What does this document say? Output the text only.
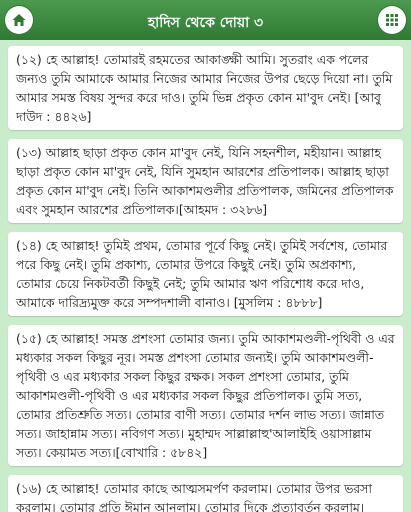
হাদিস থেকে দোয়া ৩
(১২) হে আল্লাহ! তোমারই রহমতের আকাঙ্ক্ষী আমি। সুতরাং এক পলের জন্যও তুমি আমাকে আমার নিজের আমার নিজের উপর ছেড়ে দিয়ো না। তুমি আমার সমস্ত বিষয় সুন্দর করে দাও। তুমি ভিন্ন প্রকৃত কোন মা'বুদ নেই। [আবু দাউদ : ৪৪২৬]
(১৩) আল্লাহ ছাড়া প্রকৃত কোন মা'বুদ নেই, যিনি সহনশীল, মহীয়ান। আল্লাহ ছাড়া প্রকৃত কোন মা'বুদ নেই, যিনি সুমহান আরশের প্রতিপালক। আল্লাহ ছাড়া প্রকৃত কোন মা'বুদ নেই। তিনি আকাশমণ্ডলীর প্রতিপালক, জমিনের প্রতিপালক এবং সুমহান আরশের প্রতিপালক।[আহমদ : ৩২৮৬]
(১৪) হে আল্লাহ! তুমিই প্রথম, তোমার পূর্বে কিছু নেই। তুমিই সর্বশেষ, তোমার পরে কিছু নেই। তুমি প্রকাশ্য, তোমার উপরে কিছুই নেই। তুমি অপ্রকাশ্য, তোমার চেয়ে নিকটবর্তী কিছুই নেই; তুমি আমার ঋণ পরিশোধ করে দাও, আমাকে দারিদ্র্যমুক্ত করে সম্পদশালী বানাও। [মুসলিম : ৪৮৮৮]
(১৫) হে আল্লাহ! সমস্ত প্রশংসা তোমার জন্য। তুমি আকাশমণ্ডলী-পৃথিবী ও এর মধ্যকার সকল কিছুর নূর। সমস্ত প্রশংসা তোমার জন্যই। তুমি আকাশমণ্ডলী-পৃথিবী ও এর মধ্যকার সকল কিছুর রক্ষক। সকল প্রশংসা তোমার, তুমি আকাশমণ্ডলী-পৃথিবী ও এর মধ্যকার সকল কিছুর প্রতিপালক। তুমি সত্য, তোমার প্রতিশ্রুতি সত্য। তোমার বাণী সত্য। তোমার দর্শন লাভ সত্য। জান্নাত সত্য। জাহান্নাম সত্য। নবিগণ সত্য। মুহাম্মদ সাল্লাল্লাহু'আলাইহি ওয়াসাল্লাম সত্য। কেয়ামত সত্য।[বোখারি : ৫৮৪২]
(১৬) হে আল্লাহ! তোমার কাছে আত্মসমর্পণ করলাম। তোমার উপর ভরসা করলাম। তোমার প্রতি ঈমান আনলাম। তোমার দিকে প্রত্যাবর্তন করলাম।
